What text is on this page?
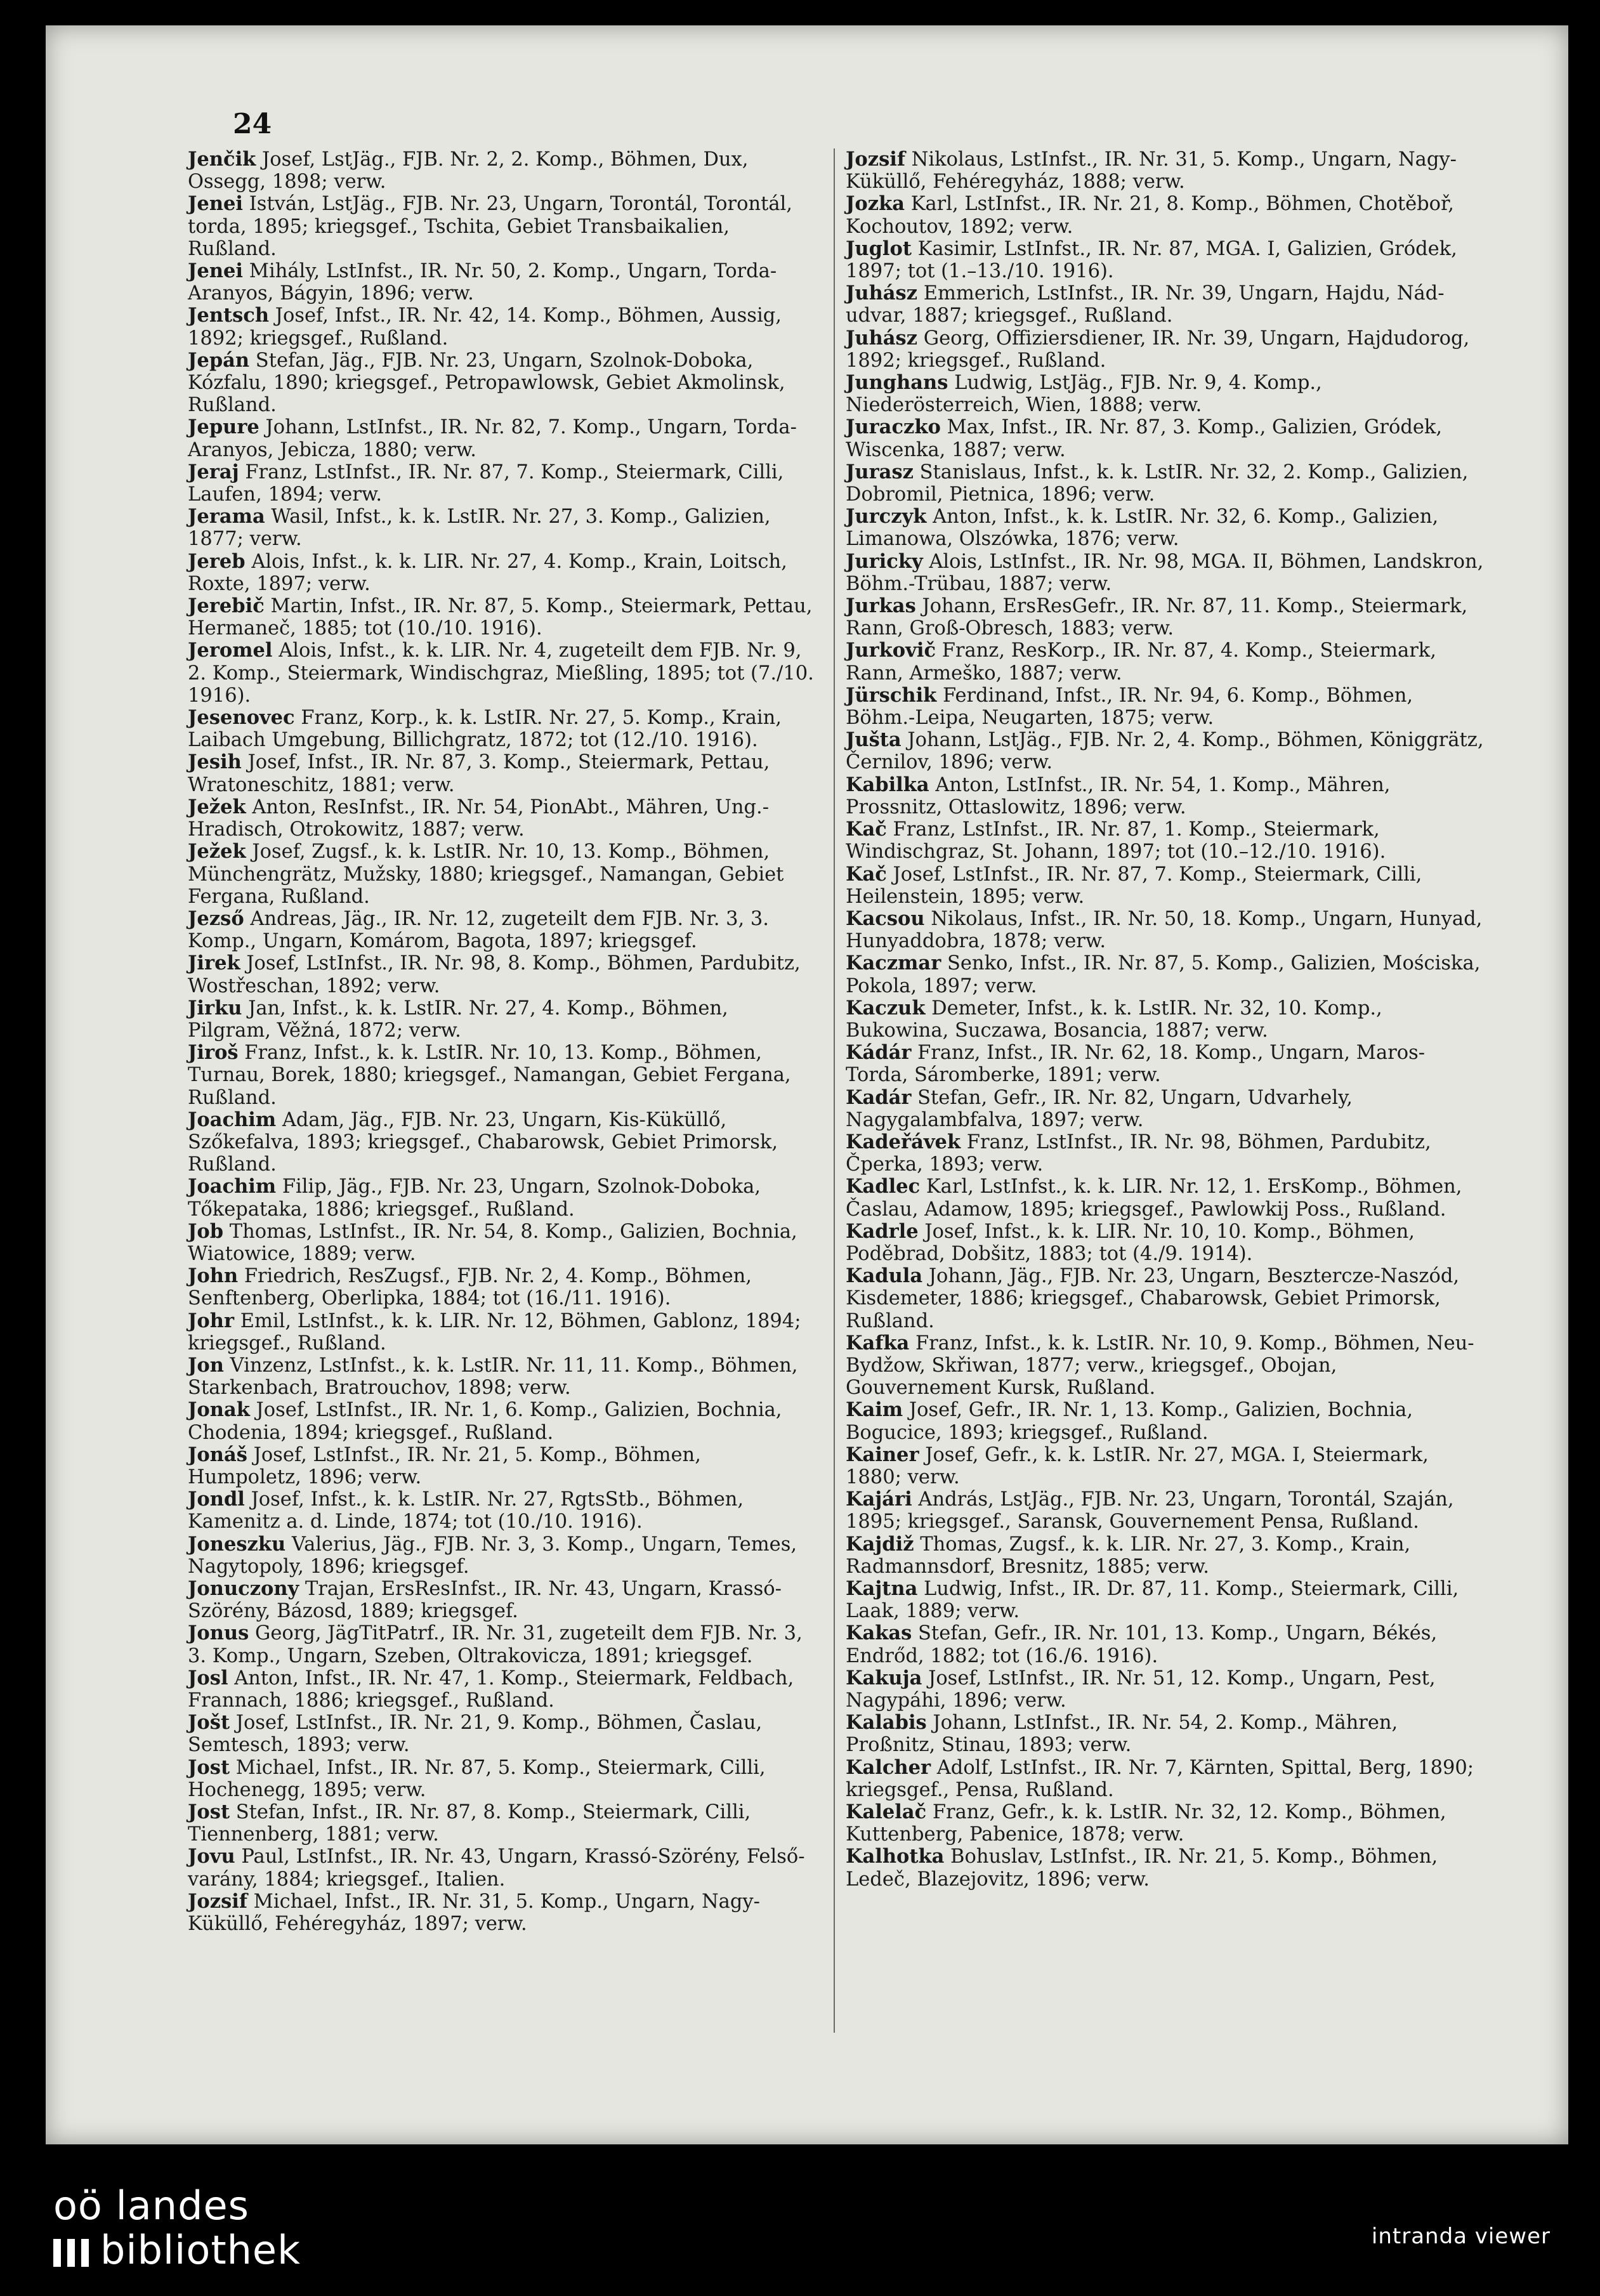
24

Jenčik Josef, LstJäg., FJB. Nr. 2, 2. Komp., Böhmen, Dux, Ossegg, 1898; verw.

Jenei István, LstJäg., FJB. Nr. 23, Ungarn, Torontál, Torontál, torda, 1895; kriegsgef., Tschita, Gebiet Transbaikalien, Rußland.

Jenei Mihály, LstInfst., IR. Nr. 50, 2. Komp., Ungarn, Torda-Aranyos, Bágyin, 1896; verw.

Jentsch Josef, Infst., IR. Nr. 42, 14. Komp., Böhmen, Aussig, 1892; kriegsgef., Rußland.

Jepán Stefan, Jäg., FJB. Nr. 23, Ungarn, Szolnok-Doboka, Kózfalu, 1890; kriegsgef., Petropawlowsk, Gebiet Akmolinsk, Rußland.

Jepure Johann, LstInfst., IR. Nr. 82, 7. Komp., Ungarn, Torda-Aranyos, Jebicza, 1880; verw.

Jeraj Franz, LstInfst., IR. Nr. 87, 7. Komp., Steiermark, Cilli, Laufen, 1894; verw.

Jerama Wasil, Infst., k. k. LstIR. Nr. 27, 3. Komp., Galizien, 1877; verw.

Jereb Alois, Infst., k. k. LIR. Nr. 27, 4. Komp., Krain, Loitsch, Roxte, 1897; verw.

Jerebič Martin, Infst., IR. Nr. 87, 5. Komp., Steiermark, Pettau, Hermaneč, 1885; tot (10./10. 1916).

Jeromel Alois, Infst., k. k. LIR. Nr. 4, zugeteilt dem FJB. Nr. 9, 2. Komp., Steiermark, Windischgraz, Mießling, 1895; tot (7./10. 1916).

Jesenovec Franz, Korp., k. k. LstIR. Nr. 27, 5. Komp., Krain, Laibach Umgebung, Billichgratz, 1872; tot (12./10. 1916).

Jesih Josef, Infst., IR. Nr. 87, 3. Komp., Steiermark, Pettau, Wratoneschitz, 1881; verw.

Ježek Anton, ResInfst., IR. Nr. 54, PionAbt., Mähren, Ung.-Hradisch, Otrokowitz, 1887; verw.

Ježek Josef, Zugsf., k. k. LstIR. Nr. 10, 13. Komp., Böhmen, Münchengrätz, Mužsky, 1880; kriegsgef., Namangan, Gebiet Fergana, Rußland.

Jezső Andreas, Jäg., IR. Nr. 12, zugeteilt dem FJB. Nr. 3, 3. Komp., Ungarn, Komárom, Bagota, 1897; kriegsgef.

Jirek Josef, LstInfst., IR. Nr. 98, 8. Komp., Böhmen, Pardubitz, Wostřeschan, 1892; verw.

Jirku Jan, Infst., k. k. LstIR. Nr. 27, 4. Komp., Böhmen, Pilgram, Věžná, 1872; verw.

Jiroš Franz, Infst., k. k. LstIR. Nr. 10, 13. Komp., Böhmen, Turnau, Borek, 1880; kriegsgef., Namangan, Gebiet Fergana, Rußland.

Joachim Adam, Jäg., FJB. Nr. 23, Ungarn, Kis-Küküllő, Szőkefalva, 1893; kriegsgef., Chabarowsk, Gebiet Primorsk, Rußland.

Joachim Filip, Jäg., FJB. Nr. 23, Ungarn, Szolnok-Doboka, Tőkepataka, 1886; kriegsgef., Rußland.

Job Thomas, LstInfst., IR. Nr. 54, 8. Komp., Galizien, Bochnia, Wiatowice, 1889; verw.

John Friedrich, ResZugsf., FJB. Nr. 2, 4. Komp., Böhmen, Senftenberg, Oberlipka, 1884; tot (16./11. 1916).

Johr Emil, LstInfst., k. k. LIR. Nr. 12, Böhmen, Gablonz, 1894; kriegsgef., Rußland.

Jon Vinzenz, LstInfst., k. k. LstIR. Nr. 11, 11. Komp., Böhmen, Starkenbach, Bratrouchov, 1898; verw.

Jonak Josef, LstInfst., IR. Nr. 1, 6. Komp., Galizien, Bochnia, Chodenia, 1894; kriegsgef., Rußland.

Jonáš Josef, LstInfst., IR. Nr. 21, 5. Komp., Böhmen, Humpoletz, 1896; verw.

Jondl Josef, Infst., k. k. LstIR. Nr. 27, RgtsStb., Böhmen, Kamenitz a. d. Linde, 1874; tot (10./10. 1916).

Joneszku Valerius, Jäg., FJB. Nr. 3, 3. Komp., Ungarn, Temes, Nagytopoly, 1896; kriegsgef.

Jonuczony Trajan, ErsResInfst., IR. Nr. 43, Ungarn, Krassó-Szörény, Bázosd, 1889; kriegsgef.

Jonus Georg, JägTitPatrf., IR. Nr. 31, zugeteilt dem FJB. Nr. 3, 3. Komp., Ungarn, Szeben, Oltrakovicza, 1891; kriegsgef.

Josl Anton, Infst., IR. Nr. 47, 1. Komp., Steiermark, Feldbach, Frannach, 1886; kriegsgef., Rußland.

Jošt Josef, LstInfst., IR. Nr. 21, 9. Komp., Böhmen, Časlau, Semtesch, 1893; verw.

Jost Michael, Infst., IR. Nr. 87, 5. Komp., Steiermark, Cilli, Hochenegg, 1895; verw.

Jost Stefan, Infst., IR. Nr. 87, 8. Komp., Steiermark, Cilli, Tiennenberg, 1881; verw.

Jovu Paul, LstInfst., IR. Nr. 43, Ungarn, Krassó-Szörény, Felső-varány, 1884; kriegsgef., Italien.

Jozsif Michael, Infst., IR. Nr. 31, 5. Komp., Ungarn, Nagy-Küküllő, Fehéregyház, 1897; verw.

Jozsif Nikolaus, LstInfst., IR. Nr. 31, 5. Komp., Ungarn, Nagy-Küküllő, Fehéregyház, 1888; verw.

Jozka Karl, LstInfst., IR. Nr. 21, 8. Komp., Böhmen, Chotěboř, Kochoutov, 1892; verw.

Juglot Kasimir, LstInfst., IR. Nr. 87, MGA. I, Galizien, Gródek, 1897; tot (1.–13./10. 1916).

Juhász Emmerich, LstInfst., IR. Nr. 39, Ungarn, Hajdu, Nád-udvar, 1887; kriegsgef., Rußland.

Juhász Georg, Offiziersdiener, IR. Nr. 39, Ungarn, Hajdudorog, 1892; kriegsgef., Rußland.

Junghans Ludwig, LstJäg., FJB. Nr. 9, 4. Komp., Niederösterreich, Wien, 1888; verw.

Juraczko Max, Infst., IR. Nr. 87, 3. Komp., Galizien, Gródek, Wiscenka, 1887; verw.

Jurasz Stanislaus, Infst., k. k. LstIR. Nr. 32, 2. Komp., Galizien, Dobromil, Pietnica, 1896; verw.

Jurczyk Anton, Infst., k. k. LstIR. Nr. 32, 6. Komp., Galizien, Limanowa, Olszówka, 1876; verw.

Juricky Alois, LstInfst., IR. Nr. 98, MGA. II, Böhmen, Landskron, Böhm.-Trübau, 1887; verw.

Jurkas Johann, ErsResGefr., IR. Nr. 87, 11. Komp., Steiermark, Rann, Groß-Obresch, 1883; verw.

Jurkovič Franz, ResKorp., IR. Nr. 87, 4. Komp., Steiermark, Rann, Armeško, 1887; verw.

Jürschik Ferdinand, Infst., IR. Nr. 94, 6. Komp., Böhmen, Böhm.-Leipa, Neugarten, 1875; verw.

Jušta Johann, LstJäg., FJB. Nr. 2, 4. Komp., Böhmen, Königgrätz, Černilov, 1896; verw.

Kabilka Anton, LstInfst., IR. Nr. 54, 1. Komp., Mähren, Prossnitz, Ottaslowitz, 1896; verw.

Kač Franz, LstInfst., IR. Nr. 87, 1. Komp., Steiermark, Windischgraz, St. Johann, 1897; tot (10.–12./10. 1916).

Kač Josef, LstInfst., IR. Nr. 87, 7. Komp., Steiermark, Cilli, Heilenstein, 1895; verw.

Kacsou Nikolaus, Infst., IR. Nr. 50, 18. Komp., Ungarn, Hunyad, Hunyaddobra, 1878; verw.

Kaczmar Senko, Infst., IR. Nr. 87, 5. Komp., Galizien, Mościska, Pokola, 1897; verw.

Kaczuk Demeter, Infst., k. k. LstIR. Nr. 32, 10. Komp., Bukowina, Suczawa, Bosancia, 1887; verw.

Kádár Franz, Infst., IR. Nr. 62, 18. Komp., Ungarn, Maros-Torda, Sáromberke, 1891; verw.

Kadár Stefan, Gefr., IR. Nr. 82, Ungarn, Udvarhely, Nagygalambfalva, 1897; verw.

Kadeřávek Franz, LstInfst., IR. Nr. 98, Böhmen, Pardubitz, Čperka, 1893; verw.

Kadlec Karl, LstInfst., k. k. LIR. Nr. 12, 1. ErsKomp., Böhmen, Časlau, Adamow, 1895; kriegsgef., Pawlowkij Poss., Rußland.

Kadrle Josef, Infst., k. k. LIR. Nr. 10, 10. Komp., Böhmen, Poděbrad, Dobšitz, 1883; tot (4./9. 1914).

Kadula Johann, Jäg., FJB. Nr. 23, Ungarn, Besztercze-Naszód, Kisdemeter, 1886; kriegsgef., Chabarowsk, Gebiet Primorsk, Rußland.

Kafka Franz, Infst., k. k. LstIR. Nr. 10, 9. Komp., Böhmen, Neu-Bydžow, Skřiwan, 1877; verw., kriegsgef., Obojan, Gouvernement Kursk, Rußland.

Kaim Josef, Gefr., IR. Nr. 1, 13. Komp., Galizien, Bochnia, Bogucice, 1893; kriegsgef., Rußland.

Kainer Josef, Gefr., k. k. LstIR. Nr. 27, MGA. I, Steiermark, 1880; verw.

Kajári András, LstJäg., FJB. Nr. 23, Ungarn, Torontál, Szaján, 1895; kriegsgef., Saransk, Gouvernement Pensa, Rußland.

Kajdiž Thomas, Zugsf., k. k. LIR. Nr. 27, 3. Komp., Krain, Radmannsdorf, Bresnitz, 1885; verw.

Kajtna Ludwig, Infst., IR. Dr. 87, 11. Komp., Steiermark, Cilli, Laak, 1889; verw.

Kakas Stefan, Gefr., IR. Nr. 101, 13. Komp., Ungarn, Békés, Endrőd, 1882; tot (16./6. 1916).

Kakuja Josef, LstInfst., IR. Nr. 51, 12. Komp., Ungarn, Pest, Nagypáhi, 1896; verw.

Kalabis Johann, LstInfst., IR. Nr. 54, 2. Komp., Mähren, Proßnitz, Stinau, 1893; verw.

Kalcher Adolf, LstInfst., IR. Nr. 7, Kärnten, Spittal, Berg, 1890; kriegsgef., Pensa, Rußland.

Kalelač Franz, Gefr., k. k. LstIR. Nr. 32, 12. Komp., Böhmen, Kuttenberg, Pabenice, 1878; verw.

Kalhotka Bohuslav, LstInfst., IR. Nr. 21, 5. Komp., Böhmen, Ledeč, Blazejovitz, 1896; verw.

oö landes
bibliothek	intranda viewer
